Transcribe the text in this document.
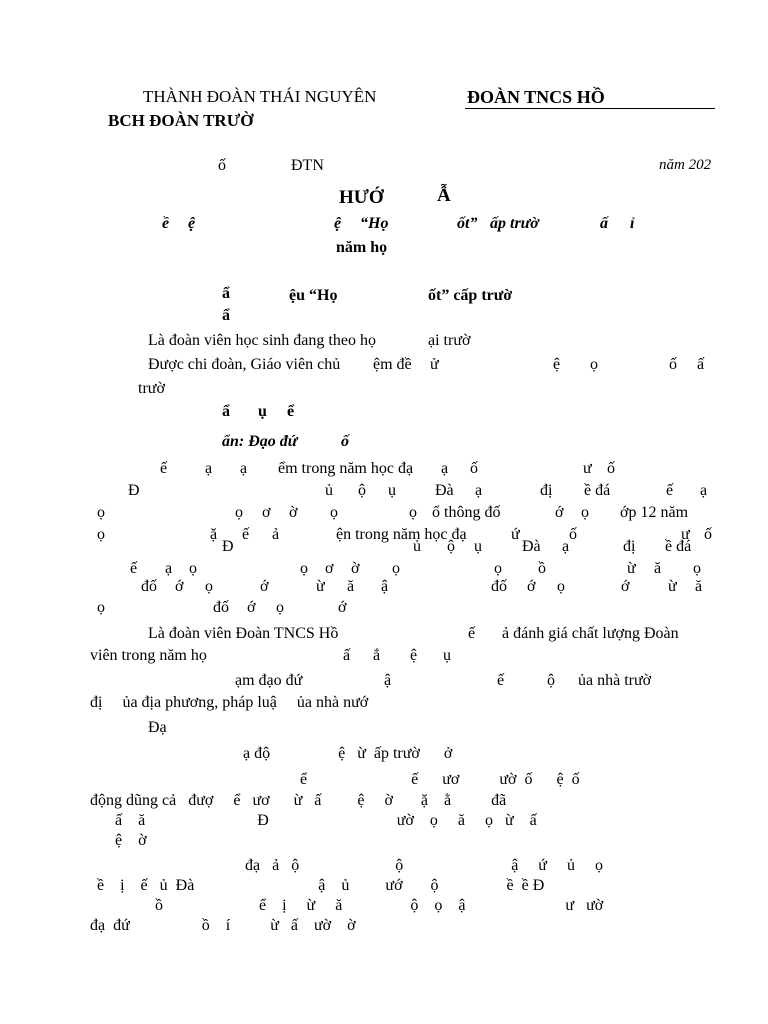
THÀNH ĐOÀN THÁI NGUYÊN
BCH ĐOÀN TRƯỜ
ĐOÀN TNCS HỒ
ố	ĐTN	năm 202
HƯỚ	Ẫ
ề ệ	ệ “Họ	ốt” ấp trườ	ấ ỉ
năm họ
ẩ	ệu “Họ	ốt” cấp trườ
ẩ
Là đoàn viên học sinh đang theo họ	ại trườ
Được chi đoàn, Giáo viên chủ ệm đề ử	ệ ọ	ố ấ
trườ
ẩ ụ ể
ẩn: Đạo đứ	ố
ế ạ ạ ểm trong năm học đạ ạ ố	ư ố
Đ	ủ ộ ụ Đà ạ	đị ề đá	ế ạ
ọ	ọ ơ ờ ọ	ọ ổ thông đố	ớ ọ ớp 12 năm
ọ	ặ ế ả	ện trong năm học đạ	ứ	ố	ư ố
Đ	ủ ộ ụ	Đà ạ	đị ề đá
ế ạ ọ	ọ ơ ờ ọ	ọ ồ	ừ ă ọ
đố ớ ọ	ớ	ừ ă ậ	đố ớ ọ	ớ ừ ă
ọ	đố ớ ọ	ớ
Là đoàn viên Đoàn TNCS Hồ	ế ả đánh giá chất lượng Đoàn
viên trong năm họ	ấ ắ ệ ụ
ạm đạo đứ	ậ	ế	ộ ủa nhà trườ
đị     ủa địa phương, pháp luậ     ủa nhà nướ
Đạ
ạ độ                 ệ   ừ  ấp trườ      ở
ể                          ế      ươ          ườ  ố      ệ  ố
động dũng cả   đượ     ể   ươ      ừ   ấ         ệ     ờ       ặ    ằ          đã
ấ    ă                            Đ                                ườ    ọ     ă     ọ   ừ    ấ
ệ    ờ
đạ   ả   ộ                        ộ                           ậ     ứ     ủ     ọ
ề    ị    ế   ủ  Đà                               ậ    ủ         ướ       ộ                 ề  ề Đ
ồ                        ể    ị     ừ     ă                 ộ    ọ    ậ                         ư   ườ
đạ  đứ                  ồ    í          ừ   ấ    ườ    ờ
